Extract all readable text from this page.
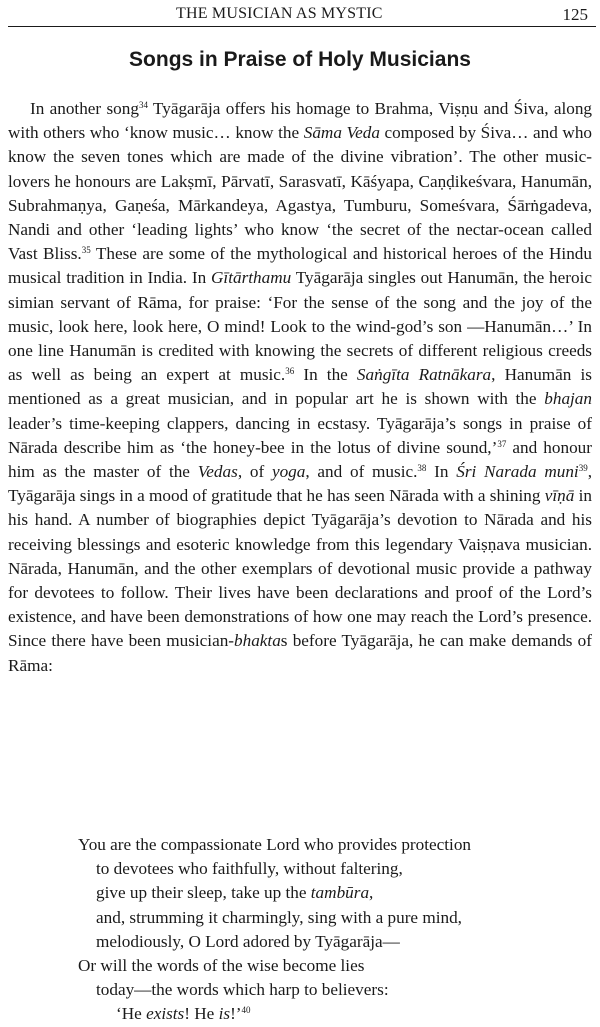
THE MUSICIAN AS MYSTIC	125
Songs in Praise of Holy Musicians

In another song$^{34}$ Tyāgarāja offers his homage to Brahma, Viṣṇu and Śiva, along with others who ‘know music… know the Sāma Veda composed by Śiva… and who know the seven tones which are made of the divine vibration’. The other music-lovers he honours are Lakṣmī, Pārvatī, Sarasvatī, Kāśyapa, Caṇḍikeśvara, Hanumān, Subrahmaṇya, Gaṇeśa, Mārkandeya, Agastya, Tumburu, Someśvara, Śārṅgadeva, Nandi and other ‘leading lights’ who know ‘the secret of the nectar-ocean called Vast Bliss.$^{35}$ These are some of the mythological and historical heroes of the Hindu musical tradition in India. In Gītārthamu Tyāgarāja singles out Hanumān, the heroic simian servant of Rāma, for praise: ‘For the sense of the song and the joy of the music, look here, look here, O mind! Look to the wind-god’s son —Hanumān…’ In one line Hanumān is credited with knowing the secrets of different religious creeds as well as being an expert at music.$^{36}$ In the Saṅgīta Ratnākara, Hanumān is mentioned as a great musician, and in popular art he is shown with the bhajan leader’s time-keeping clappers, dancing in ecstasy. Tyāgarāja’s songs in praise of Nārada describe him as ‘the honey-bee in the lotus of divine sound,’$^{37}$ and honour him as the master of the Vedas, of yoga, and of music.$^{38}$ In Śri Narada muni$^{39}$, Tyāgarāja sings in a mood of gratitude that he has seen Nārada with a shining vīṇā in his hand. A number of biographies depict Tyāgarāja’s devotion to Nārada and his receiving blessings and esoteric knowledge from this legendary Vaiṣṇava musician. Nārada, Hanumān, and the other exemplars of devotional music provide a pathway for devotees to follow. Their lives have been declarations and proof of the Lord’s existence, and have been demonstrations of how one may reach the Lord’s presence. Since there have been musician-bhaktas before Tyāgarāja, he can make demands of Rāma:

You are the compassionate Lord who provides protection
to devotees who faithfully, without faltering,
give up their sleep, take up the tambūra,
and, strumming it charmingly, sing with a pure mind,
melodiously, O Lord adored by Tyāgarāja—
Or will the words of the wise become lies
today—the words which harp to believers:
‘He exists! He is!’$^{40}$
